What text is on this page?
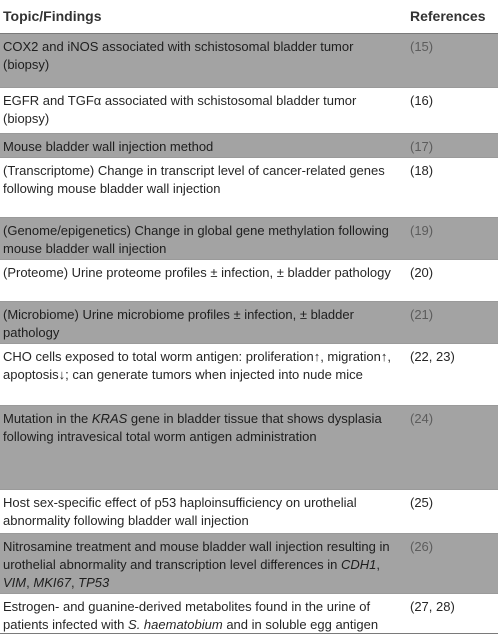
Topic/Findings	References
COX2 and iNOS associated with schistosomal bladder tumor (biopsy)
(15)
EGFR and TGFα associated with schistosomal bladder tumor (biopsy)
(16)
Mouse bladder wall injection method	(17)
(Transcriptome) Change in transcript level of cancer-related genes following mouse bladder wall injection
(18)
(Genome/epigenetics) Change in global gene methylation following mouse bladder wall injection
(19)
(Proteome) Urine proteome profiles ± infection, ± bladder pathology (20)
(Microbiome) Urine microbiome profiles ± infection, ± bladder pathology
(21)
CHO cells exposed to total worm antigen: proliferation↑, migration↑, apoptosis↓; can generate tumors when injected into nude mice
(22, 23)
Mutation in the KRAS gene in bladder tissue that shows dysplasia following intravesical total worm antigen administration
(24)
Host sex-specific effect of p53 haploinsufficiency on urothelial abnormality following bladder wall injection
(25)
Nitrosamine treatment and mouse bladder wall injection resulting in urothelial abnormality and transcription level differences in CDH1, VIM, MKI67, TP53
(26)
Estrogen- and guanine-derived metabolites found in the urine of patients infected with S. haematobium and in soluble egg antigen
(27, 28)
